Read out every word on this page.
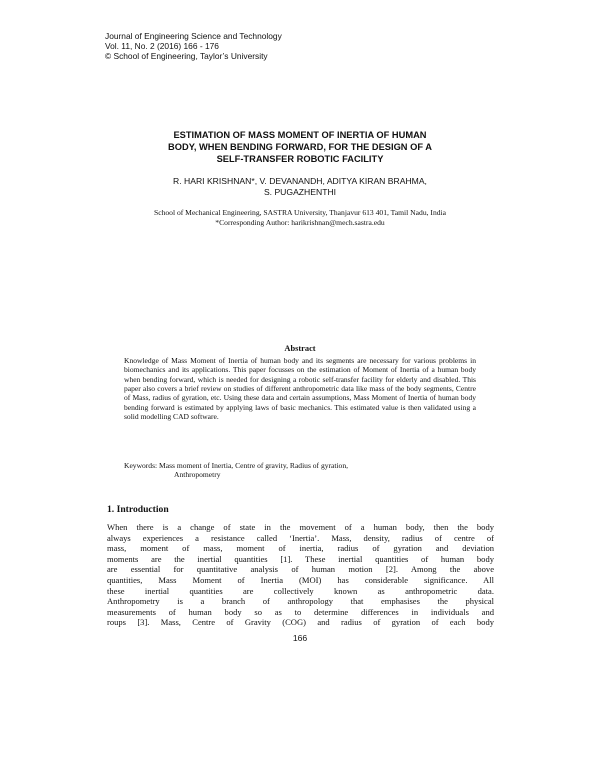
Journal of Engineering Science and Technology
Vol. 11, No. 2 (2016) 166 - 176
© School of Engineering, Taylor’s University
ESTIMATION OF MASS MOMENT OF INERTIA OF HUMAN
BODY, WHEN BENDING FORWARD, FOR THE DESIGN OF A
SELF-TRANSFER ROBOTIC FACILITY
R. HARI KRISHNAN*, V. DEVANANDH, ADITYA KIRAN BRAHMA,
S. PUGAZHENTHI
School of Mechanical Engineering, SASTRA University, Thanjavur 613 401, Tamil Nadu, India
*Corresponding Author: harikrishnan@mech.sastra.edu
Abstract
Knowledge of Mass Moment of Inertia of human body and its segments are necessary for various problems in biomechanics and its applications. This paper focusses on the estimation of Moment of Inertia of a human body when bending forward, which is needed for designing a robotic self-transfer facility for elderly and disabled. This paper also covers a brief review on studies of different anthropometric data like mass of the body segments, Centre of Mass, radius of gyration, etc. Using these data and certain assumptions, Mass Moment of Inertia of human body bending forward is estimated by applying laws of basic mechanics. This estimated value is then validated using a solid modelling CAD software.
Keywords: Mass moment of Inertia, Centre of gravity, Radius of gyration,
Anthropometry
1. Introduction
When there is a change of state in the movement of a human body, then the body
always experiences a resistance called ‘Inertia’. Mass, density, radius of centre of
mass, moment of mass, moment of inertia, radius of gyration and deviation
moments are the inertial quantities [1]. These inertial quantities of human body
are essential for quantitative analysis of human motion [2]. Among the above
quantities, Mass Moment of Inertia (MOI) has considerable significance. All
these inertial quantities are collectively known as anthropometric data.
Anthropometry is a branch of anthropology that emphasises the physical
measurements of human body so as to determine differences in individuals and
roups [3]. Mass, Centre of Gravity (COG) and radius of gyration of each body
166
